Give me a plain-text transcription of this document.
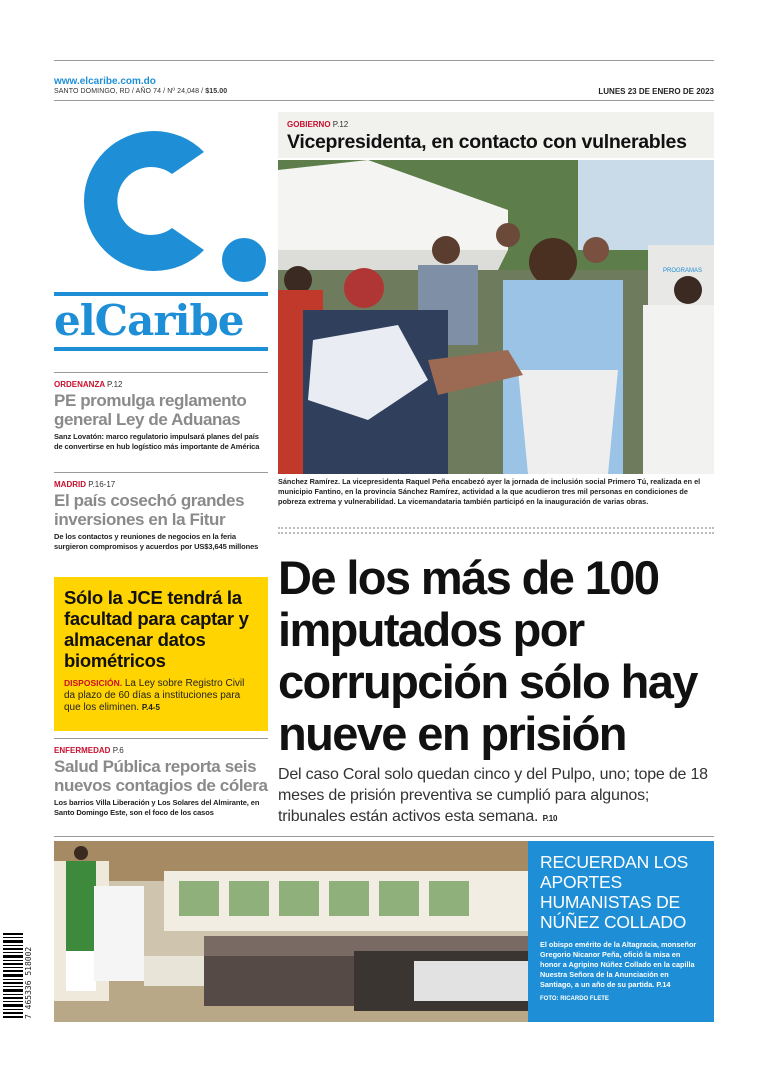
www.elcaribe.com.do
SANTO DOMINGO, RD / AÑO 74 / Nº 24,048 / $15.00	LUNES 23 DE ENERO DE 2023
elCaribe
ORDENANZA P.12
PE promulga reglamento general Ley de Aduanas
Sanz Lovatón: marco regulatorio impulsará planes del país de convertirse en hub logístico más importante de América
MADRID P.16-17
El país cosechó grandes inversiones en la Fitur
De los contactos y reuniones de negocios en la feria surgieron compromisos y acuerdos por US$3,645 millones
Sólo la JCE tendrá la facultad para captar y almacenar datos biométricos
DISPOSICIÓN. La Ley sobre Registro Civil da plazo de 60 días a instituciones para que los eliminen. P.4-5
ENFERMEDAD P.6
Salud Pública reporta seis nuevos contagios de cólera
Los barrios Villa Liberación y Los Solares del Almirante, en Santo Domingo Este, son el foco de los casos
GOBIERNO P.12
Vicepresidenta, en contacto con vulnerables
PROGRAMAS
Sánchez Ramírez. La vicepresidenta Raquel Peña encabezó ayer la jornada de inclusión social Primero Tú, realizada en el municipio Fantino, en la provincia Sánchez Ramírez, actividad a la que acudieron tres mil personas en condiciones de pobreza extrema y vulnerabilidad. La vicemandataria también participó en la inauguración de varias obras.
De los más de 100 imputados por corrupción sólo hay nueve en prisión
Del caso Coral solo quedan cinco y del Pulpo, uno; tope de 18 meses de prisión preventiva se cumplió para algunos; tribunales están activos esta semana. P.10
RECUERDAN LOS APORTES HUMANISTAS DE NÚÑEZ COLLADO
El obispo emérito de la Altagracia, monseñor Gregorio Nicanor Peña, ofició la misa en honor a Agripino Núñez Collado en la capilla Nuestra Señora de la Anunciación en Santiago, a un año de su partida. P.14
FOTO: RICARDO FLETE
7 465336 518002
